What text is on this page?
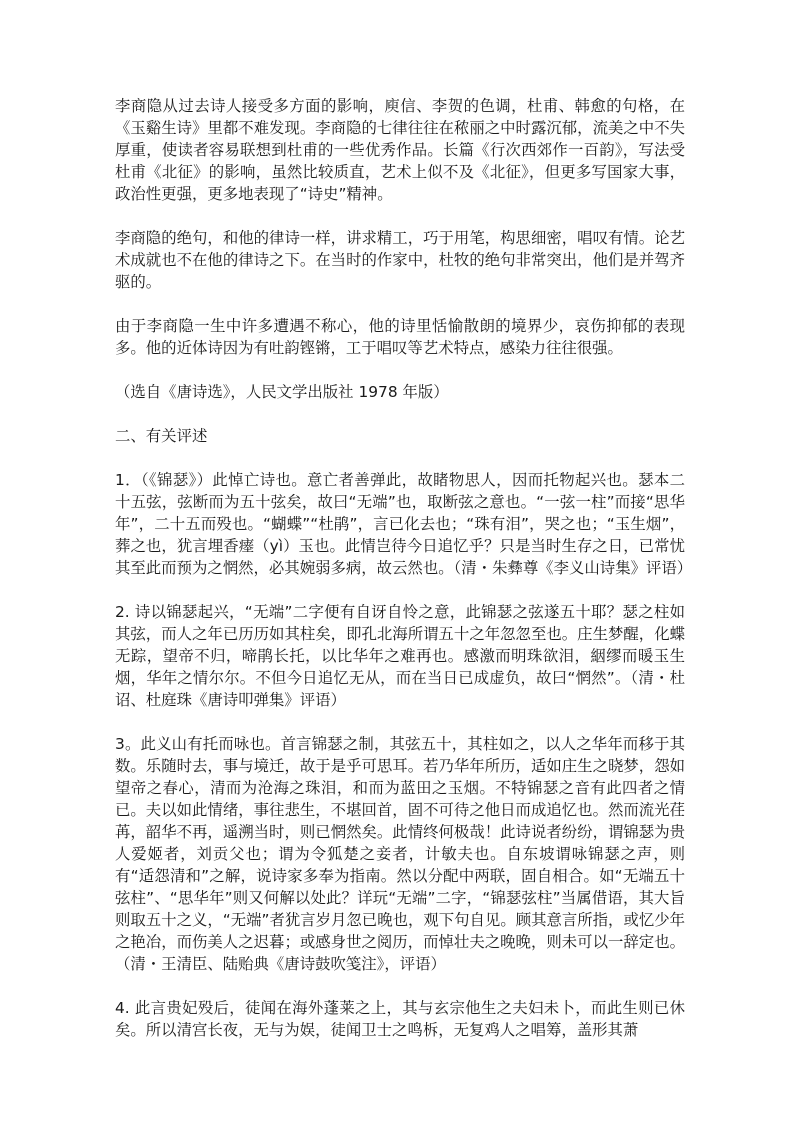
李商隐从过去诗人接受多方面的影响，庾信、李贺的色调，杜甫、韩愈的句格，在《玉谿生诗》里都不难发现。李商隐的七律往往在秾丽之中时露沉郁，流美之中不失厚重，使读者容易联想到杜甫的一些优秀作品。长篇《行次西郊作一百韵》，写法受杜甫《北征》的影响，虽然比较质直，艺术上似不及《北征》，但更多写国家大事，政治性更强，更多地表现了“诗史”精神。

李商隐的绝句，和他的律诗一样，讲求精工，巧于用笔，构思细密，唱叹有情。论艺术成就也不在他的律诗之下。在当时的作家中，杜牧的绝句非常突出，他们是并驾齐驱的。

由于李商隐一生中许多遭遇不称心，他的诗里恬愉散朗的境界少，哀伤抑郁的表现多。他的近体诗因为有吐韵铿锵，工于唱叹等艺术特点，感染力往往很强。

（选自《唐诗选》，人民文学出版社 1978 年版）

二、有关评述

1．（《锦瑟》）此悼亡诗也。意亡者善弹此，故睹物思人，因而托物起兴也。瑟本二十五弦，弦断而为五十弦矣，故曰“无端”也，取断弦之意也。“一弦一柱”而接“思华年”，二十五而殁也。“蝴蝶”“杜鹃”，言已化去也；“珠有泪”，哭之也；“玉生烟”，葬之也，犹言埋香瘗（yì）玉也。此情岂待今日追忆乎？只是当时生存之日，已常忧其至此而预为之惘然，必其婉弱多病，故云然也。（清・朱彝尊《李义山诗集》评语）

2. 诗以锦瑟起兴，“无端”二字便有自讶自怜之意，此锦瑟之弦遂五十耶？瑟之柱如其弦，而人之年已历历如其柱矣，即孔北海所谓五十之年忽忽至也。庄生梦醒，化蝶无踪，望帝不归，啼鹃长托，以比华年之难再也。感激而明珠欲泪，絪缪而暖玉生烟，华年之情尔尔。不但今日追忆无从，而在当日已成虚负，故曰“惘然”。（清・杜诏、杜庭珠《唐诗叩弹集》评语）

3。此义山有托而咏也。首言锦瑟之制，其弦五十，其柱如之，以人之华年而移于其数。乐随时去，事与境迁，故于是乎可思耳。若乃华年所历，适如庄生之晓梦，怨如望帝之春心，清而为沧海之珠泪，和而为蓝田之玉烟。不特锦瑟之音有此四者之情已。夫以如此情绪，事往悲生，不堪回首，固不可待之他日而成追忆也。然而流光荏苒，韶华不再，遥溯当时，则已惘然矣。此情终何极哉！此诗说者纷纷，谓锦瑟为贵人爱姬者，刘贡父也；谓为令狐楚之妾者，计敏夫也。自东坡谓咏锦瑟之声，则有“适怨清和”之解，说诗家多奉为指南。然以分配中两联，固自相合。如“无端五十弦柱”、“思华年”则又何解以处此？详玩“无端”二字，“锦瑟弦柱”当属借语，其大旨则取五十之义，“无端”者犹言岁月忽已晚也，观下句自见。顾其意言所指，或忆少年之艳冶，而伤美人之迟暮；或感身世之阅历，而悼壮夫之晚晚，则未可以一辞定也。（清・王清臣、陆贻典《唐诗鼓吹笺注》，评语）

4. 此言贵妃殁后，徒闻在海外蓬莱之上，其与玄宗他生之夫妇未卜，而此生则已休矣。所以清宫长夜，无与为娱，徒闻卫士之鸣柝，无复鸡人之唱筹，盖形其萧
